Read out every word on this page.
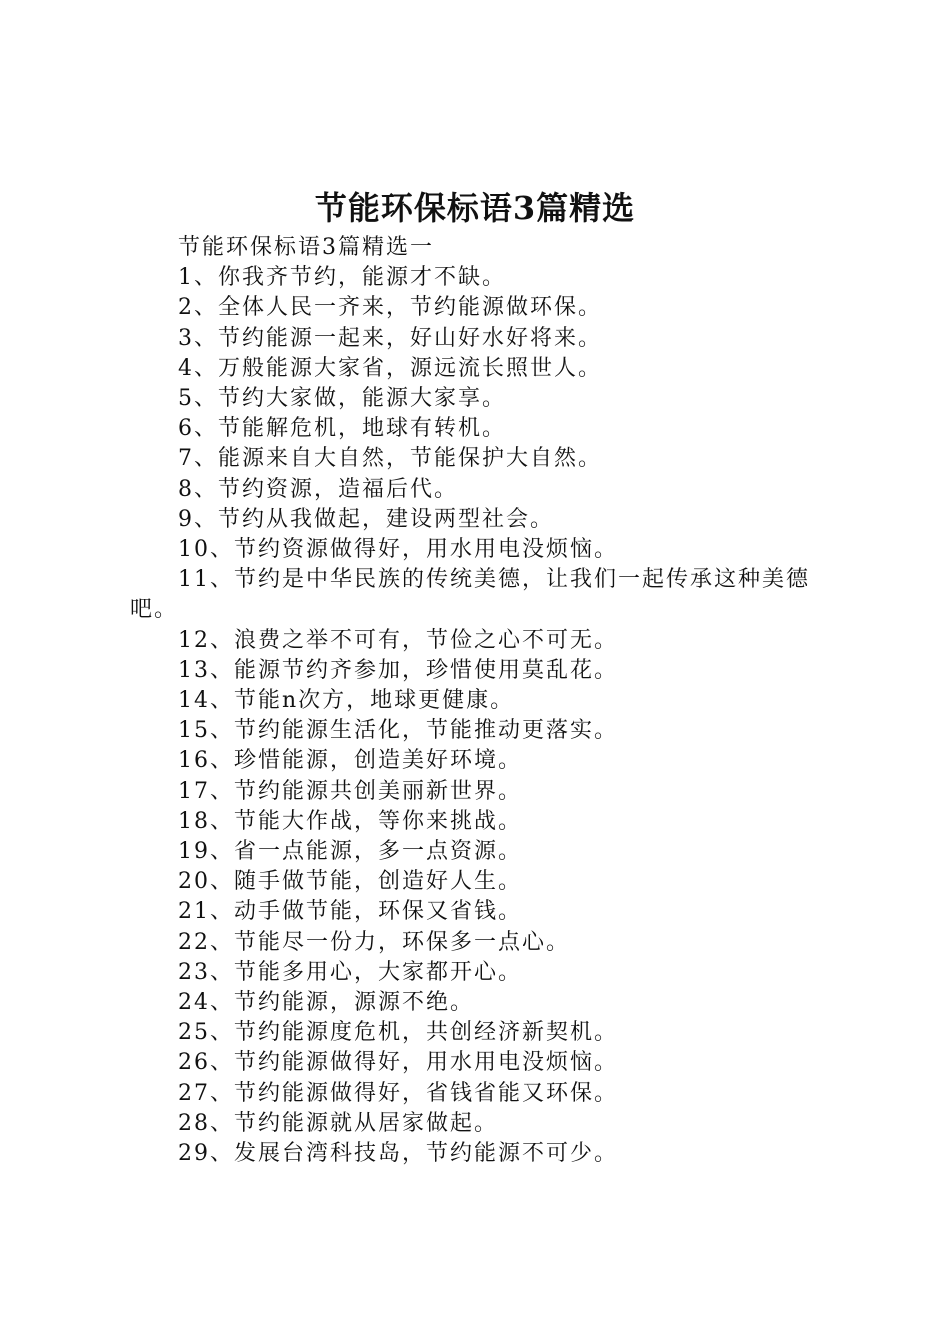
节能环保标语3篇精选

节能环保标语3篇精选一

1、你我齐节约，能源才不缺。

2、全体人民一齐来，节约能源做环保。

3、节约能源一起来，好山好水好将来。

4、万般能源大家省，源远流长照世人。

5、节约大家做，能源大家享。

6、节能解危机，地球有转机。

7、能源来自大自然，节能保护大自然。

8、节约资源，造福后代。

9、节约从我做起，建设两型社会。

10、节约资源做得好，用水用电没烦恼。

11、节约是中华民族的传统美德，让我们一起传承这种美德吧。

12、浪费之举不可有，节俭之心不可无。

13、能源节约齐参加，珍惜使用莫乱花。

14、节能n次方，地球更健康。

15、节约能源生活化，节能推动更落实。

16、珍惜能源，创造美好环境。

17、节约能源共创美丽新世界。

18、节能大作战，等你来挑战。

19、省一点能源，多一点资源。

20、随手做节能，创造好人生。

21、动手做节能，环保又省钱。

22、节能尽一份力，环保多一点心。

23、节能多用心，大家都开心。

24、节约能源，源源不绝。

25、节约能源度危机，共创经济新契机。

26、节约能源做得好，用水用电没烦恼。

27、节约能源做得好，省钱省能又环保。

28、节约能源就从居家做起。

29、发展台湾科技岛，节约能源不可少。
